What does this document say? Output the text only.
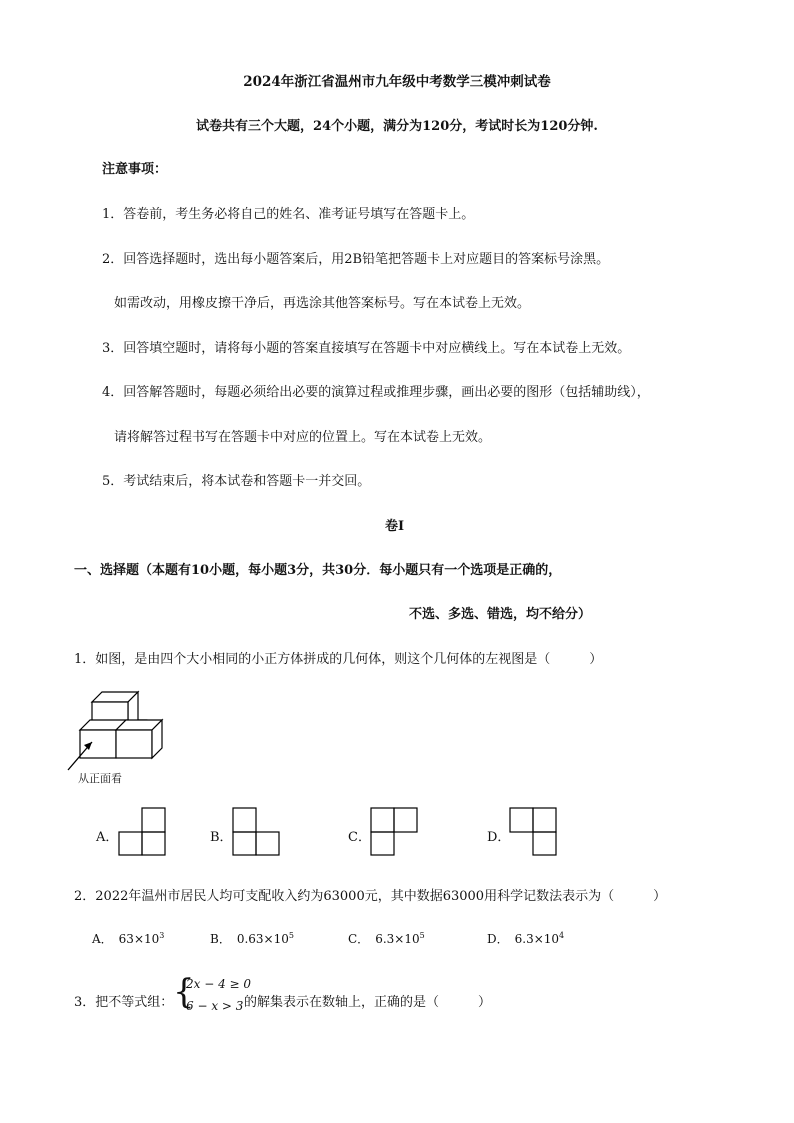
2024年浙江省温州市九年级中考数学三模冲刺试卷
试卷共有三个大题，24个小题，满分为120分，考试时长为120分钟.
注意事项：
1．答卷前，考生务必将自己的姓名、准考证号填写在答题卡上。
2．回答选择题时，选出每小题答案后，用2B铅笔把答题卡上对应题目的答案标号涂黑。
如需改动，用橡皮擦干净后，再选涂其他答案标号。写在本试卷上无效。
3．回答填空题时，请将每小题的答案直接填写在答题卡中对应横线上。写在本试卷上无效。
4．回答解答题时，每题必须给出必要的演算过程或推理步骤，画出必要的图形（包括辅助线），
请将解答过程书写在答题卡中对应的位置上。写在本试卷上无效。
5．考试结束后，将本试卷和答题卡一并交回。
卷Ⅰ
一、选择题（本题有10小题，每小题3分，共30分．每小题只有一个选项是正确的，
不选、多选、错选，均不给分）
1．如图，是由四个大小相同的小正方体拼成的几何体，则这个几何体的左视图是（　　　）
从正面看
A．	B．	C．	D．
2．2022年温州市居民人均可支配收入约为63000元，其中数据63000用科学记数法表示为（　　　）
A． $63\times 10^3$	B． $0.63\times 10^5$	C． $6.3\times 10^5$	D． $6.3\times 10^4$
3．把不等式组： {
2x − 4 ≥ 0
6 − x > 3 的解集表示在数轴上，正确的是（　　　）
